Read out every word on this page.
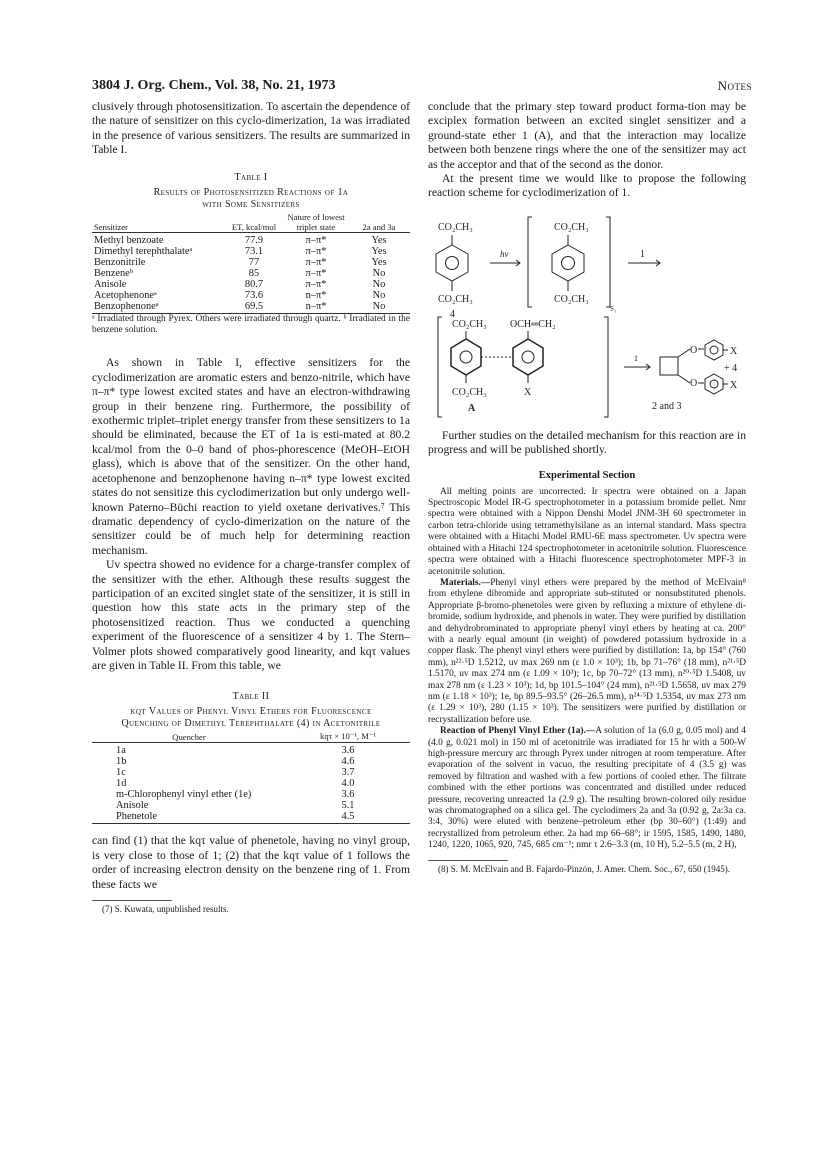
3804 J. Org. Chem., Vol. 38, No. 21, 1973	Notes

clusively through photosensitization. To ascertain the dependence of the nature of sensitizer on this cyclo-dimerization, 1a was irradiated in the presence of various sensitizers. The results are summarized in Table I.

Table I
Results of Photosensitized Reactions of 1a
with Some Sensitizers
Sensitizer	ET, kcal/mol	Nature of lowest triplet state	2a and 3a

Methyl benzoate	77.9	π–π*	Yes
Dimethyl terephthalateᵃ	73.1	π–π*	Yes
Benzonitrile	77	π–π*	Yes
Benzeneᵇ	85	π–π*	No
Anisole	80.7	π–π*	No
Acetophenoneᵃ	73.6	n–π*	No
Benzophenoneᵃ	69.5	n–π*	No

ᵃ Irradiated through Pyrex. Others were irradiated through quartz. ᵇ Irradiated in the benzene solution.

As shown in Table I, effective sensitizers for the cyclodimerization are aromatic esters and benzo-nitrile, which have π–π* type lowest excited states and have an electron-withdrawing group in their benzene ring. Furthermore, the possibility of exothermic triplet–triplet energy transfer from these sensitizers to 1a should be eliminated, because the ET of 1a is esti-mated at 80.2 kcal/mol from the 0–0 band of phos-phorescence (MeOH–EtOH glass), which is above that of the sensitizer. On the other hand, acetophenone and benzophenone having n–π* type lowest excited states do not sensitize this cyclodimerization but only undergo well-known Paterno–Büchi reaction to yield oxetane derivatives.⁷ This dramatic dependency of cyclo-dimerization on the nature of the sensitizer could be of much help for determining reaction mechanism.

Uv spectra showed no evidence for a charge-transfer complex of the sensitizer with the ether. Although these results suggest the participation of an excited singlet state of the sensitizer, it is still in question how this state acts in the primary step of the photosensitized reaction. Thus we conducted a quenching experiment of the fluorescence of a sensitizer 4 by 1. The Stern–Volmer plots showed comparatively good linearity, and kqτ values are given in Table II. From this table, we

Table II
kqτ Values of Phenyl Vinyl Ethers for Fluorescence
Quenching of Dimethyl Terephthalate (4) in Acetonitrile
Quencher	kqτ × 10⁻¹, M⁻¹

1a	3.6
1b	4.6
1c	3.7
1d	4.0
m-Chlorophenyl vinyl ether (1e)	3.6
Anisole	5.1
Phenetole	4.5

can find (1) that the kqτ value of phenetole, having no vinyl group, is very close to those of 1; (2) that the kqτ value of 1 follows the order of increasing electron density on the benzene ring of 1. From these facts we

(7) S. Kuwata, unpublished results.

conclude that the primary step toward product forma-tion may be exciplex formation between an excited singlet sensitizer and a ground-state ether 1 (A), and that the interaction may localize between both benzene rings where the one of the sensitizer may act as the acceptor and that of the second as the donor.

At the present time we would like to propose the following reaction scheme for cyclodimerization of 1.

CO₂CH₃
CO₂CH₃
4
hν
CO₂CH₃
CO₂CH₃
S₁
1
CO₂CH₃ OCH═CH₂
CO₂CH₃	X
A
1
O
O
X
X
+ 4
2 and 3

Further studies on the detailed mechanism for this reaction are in progress and will be published shortly.

Experimental Section

All melting points are uncorrected. Ir spectra were obtained on a Japan Spectroscopic Model IR-G spectrophotometer in a potassium bromide pellet. Nmr spectra were obtained with a Nippon Denshi Model JNM-3H 60 spectrometer in carbon tetra-chloride using tetramethylsilane as an internal standard. Mass spectra were obtained with a Hitachi Model RMU-6E mass spectrometer. Uv spectra were obtained with a Hitachi 124 spectrophotometer in acetonitrile solution. Fluorescence spectra were obtained with a Hitachi fluorescence spectrophotometer MPF-3 in acetonitrile solution.

Materials.—Phenyl vinyl ethers were prepared by the method of McElvain⁸ from ethylene dibromide and appropriate sub-stituted or nonsubstituted phenols. Appropriate β-bromo-phenetoles were given by refluxing a mixture of ethylene di-bromide, sodium hydroxide, and phenols in water. They were purified by distillation and dehydrobrominated to appropriate phenyl vinyl ethers by heating at ca. 200° with a nearly equal amount (in weight) of powdered potassium hydroxide in a copper flask. The phenyl vinyl ethers were purified by distillation: 1a, bp 154° (760 mm), n²²·⁵D 1.5212, uv max 269 nm (ε 1.0 × 10³); 1b, bp 71–76° (18 mm), n²¹·⁵D 1.5170, uv max 274 nm (ε 1.09 × 10³); 1c, bp 70–72° (13 mm), n²⁰·⁵D 1.5408, uv max 278 nm (ε 1.23 × 10³); 1d, bp 101.5–104° (24 mm), n²¹·⁵D 1.5658, uv max 279 nm (ε 1.18 × 10³); 1e, bp 89.5–93.5° (26–26.5 mm), n²⁴·⁵D 1.5354, uv max 273 nm (ε 1.29 × 10³), 280 (1.15 × 10³). The sensitizers were purified by distillation or recrystallization before use.

Reaction of Phenyl Vinyl Ether (1a).—A solution of 1a (6.0 g, 0.05 mol) and 4 (4.0 g, 0.021 mol) in 150 ml of acetonitrile was irradiated for 15 hr with a 500-W high-pressure mercury arc through Pyrex under nitrogen at room temperature. After evaporation of the solvent in vacuo, the resulting precipitate of 4 (3.5 g) was removed by filtration and washed with a few portions of cooled ether. The filtrate combined with the ether portions was concentrated and distilled under reduced pressure, recovering unreacted 1a (2.9 g). The resulting brown-colored oily residue was chromatographed on a silica gel. The cyclodimers 2a and 3a (0.92 g, 2a:3a ca. 3:4, 30%) were eluted with benzene–petroleum ether (bp 30–60°) (1:49) and recrystallized from petroleum ether. 2a had mp 66–68°; ir 1595, 1585, 1490, 1480, 1240, 1220, 1065, 920, 745, 685 cm⁻¹; nmr τ 2.6–3.3 (m, 10 H), 5.2–5.5 (m, 2 H),

(8) S. M. McElvain and B. Fajardo-Pinzón, J. Amer. Chem. Soc., 67, 650 (1945).
